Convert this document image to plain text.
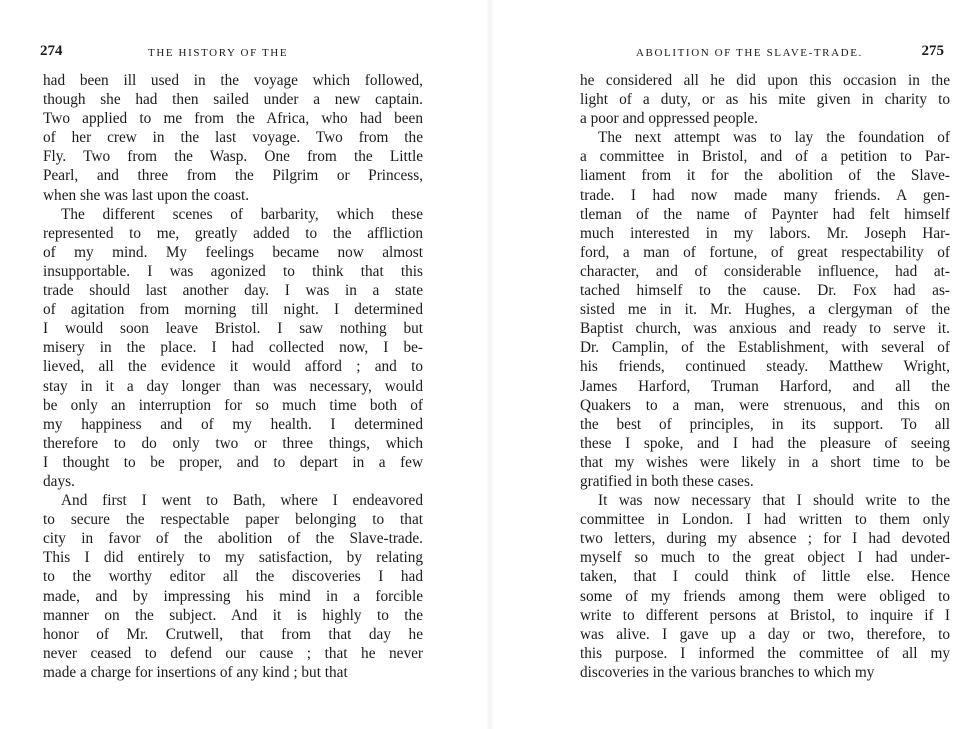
274	THE HISTORY OF THE
had been ill used in the voyage which followed,
though she had then sailed under a new captain.
Two applied to me from the Africa, who had been
of her crew in the last voyage. Two from the
Fly. Two from the Wasp. One from the Little
Pearl, and three from the Pilgrim or Princess,
when she was last upon the coast.
The different scenes of barbarity, which these
represented to me, greatly added to the affliction
of my mind. My feelings became now almost
insupportable. I was agonized to think that this
trade should last another day. I was in a state
of agitation from morning till night. I determined
I would soon leave Bristol. I saw nothing but
misery in the place. I had collected now, I be-
lieved, all the evidence it would afford ; and to
stay in it a day longer than was necessary, would
be only an interruption for so much time both of
my happiness and of my health. I determined
therefore to do only two or three things, which
I thought to be proper, and to depart in a few
days.
And first I went to Bath, where I endeavored
to secure the respectable paper belonging to that
city in favor of the abolition of the Slave-trade.
This I did entirely to my satisfaction, by relating
to the worthy editor all the discoveries I had
made, and by impressing his mind in a forcible
manner on the subject. And it is highly to the
honor of Mr. Crutwell, that from that day he
never ceased to defend our cause ; that he never
made a charge for insertions of any kind ; but that
ABOLITION OF THE SLAVE-TRADE.	275
he considered all he did upon this occasion in the
light of a duty, or as his mite given in charity to
a poor and oppressed people.
The next attempt was to lay the foundation of
a committee in Bristol, and of a petition to Par-
liament from it for the abolition of the Slave-
trade. I had now made many friends. A gen-
tleman of the name of Paynter had felt himself
much interested in my labors. Mr. Joseph Har-
ford, a man of fortune, of great respectability of
character, and of considerable influence, had at-
tached himself to the cause. Dr. Fox had as-
sisted me in it. Mr. Hughes, a clergyman of the
Baptist church, was anxious and ready to serve it.
Dr. Camplin, of the Establishment, with several of
his friends, continued steady. Matthew Wright,
James Harford, Truman Harford, and all the
Quakers to a man, were strenuous, and this on
the best of principles, in its support. To all
these I spoke, and I had the pleasure of seeing
that my wishes were likely in a short time to be
gratified in both these cases.
It was now necessary that I should write to the
committee in London. I had written to them only
two letters, during my absence ; for I had devoted
myself so much to the great object I had under-
taken, that I could think of little else. Hence
some of my friends among them were obliged to
write to different persons at Bristol, to inquire if I
was alive. I gave up a day or two, therefore, to
this purpose. I informed the committee of all my
discoveries in the various branches to which my
